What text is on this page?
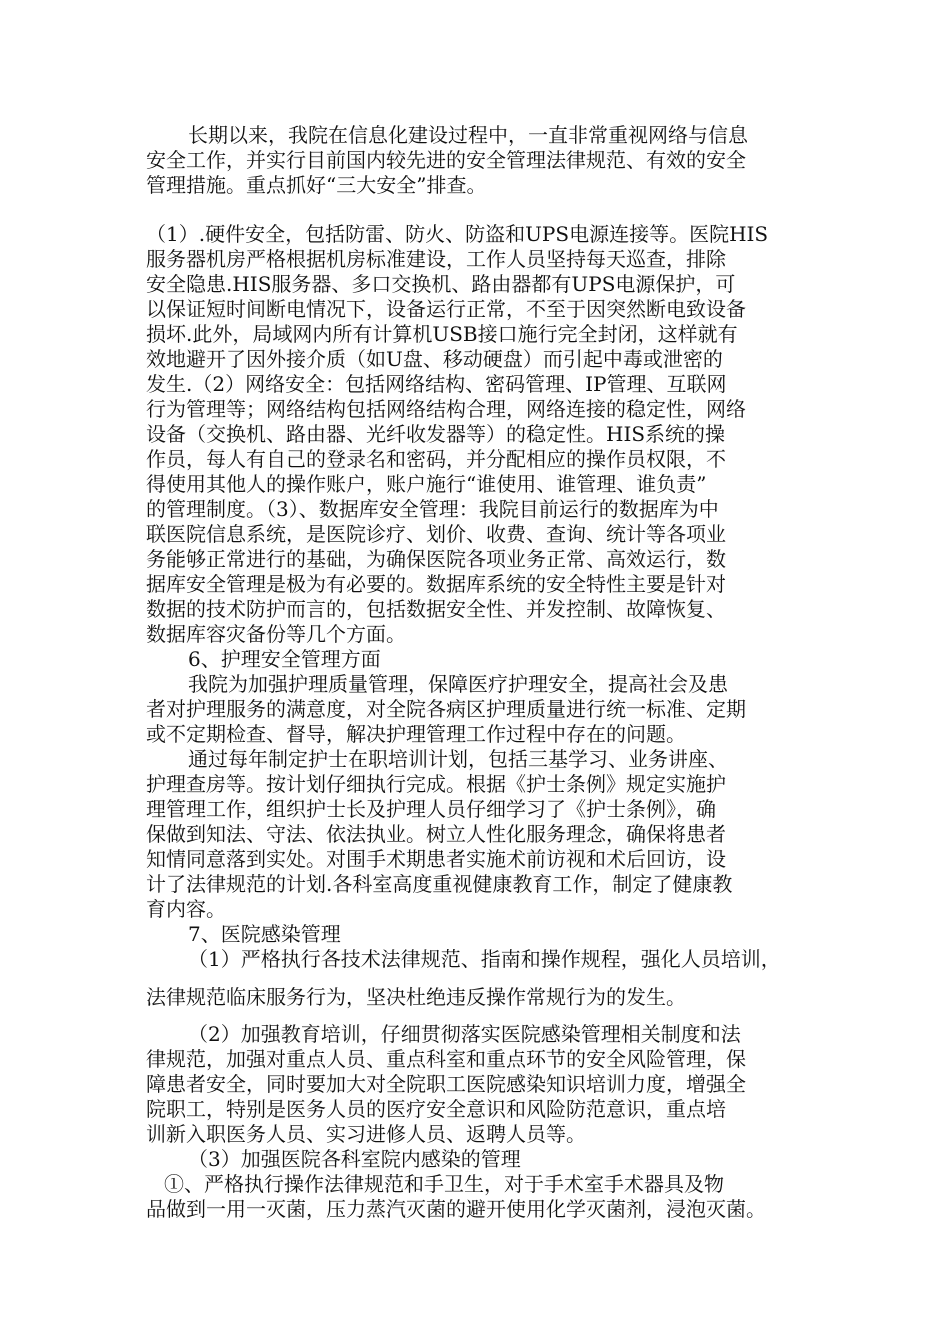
长期以来，我院在信息化建设过程中，一直非常重视网络与信息

安全工作，并实行目前国内较先进的安全管理法律规范、有效的安全

管理措施。重点抓好“三大安全”排查。

（1）.硬件安全，包括防雷、防火、防盗和UPS电源连接等。医院HIS

服务器机房严格根据机房标准建设，工作人员坚持每天巡查，排除

安全隐患.HIS服务器、多口交换机、路由器都有UPS电源保护，可

以保证短时间断电情况下，设备运行正常，不至于因突然断电致设备

损坏.此外，局域网内所有计算机USB接口施行完全封闭，这样就有

效地避开了因外接介质（如U盘、移动硬盘）而引起中毒或泄密的

发生.（2）网络安全：包括网络结构、密码管理、IP管理、互联网

行为管理等；网络结构包括网络结构合理，网络连接的稳定性，网络

设备（交换机、路由器、光纤收发器等）的稳定性。HIS系统的操

作员，每人有自己的登录名和密码，并分配相应的操作员权限，不

得使用其他人的操作账户，账户施行“谁使用、谁管理、谁负责”

的管理制度。（3）、数据库安全管理：我院目前运行的数据库为中

联医院信息系统，是医院诊疗、划价、收费、查询、统计等各项业

务能够正常进行的基础，为确保医院各项业务正常、高效运行，数

据库安全管理是极为有必要的。数据库系统的安全特性主要是针对

数据的技术防护而言的，包括数据安全性、并发控制、故障恢复、

数据库容灾备份等几个方面。

6、护理安全管理方面

我院为加强护理质量管理，保障医疗护理安全，提高社会及患

者对护理服务的满意度，对全院各病区护理质量进行统一标准、定期

或不定期检查、督导，解决护理管理工作过程中存在的问题。

通过每年制定护士在职培训计划，包括三基学习、业务讲座、

护理查房等。按计划仔细执行完成。根据《护士条例》规定实施护

理管理工作，组织护士长及护理人员仔细学习了《护士条例》，确

保做到知法、守法、依法执业。树立人性化服务理念，确保将患者

知情同意落到实处。对围手术期患者实施术前访视和术后回访，设

计了法律规范的计划.各科室高度重视健康教育工作，制定了健康教

育内容。

7、医院感染管理

（1）严格执行各技术法律规范、指南和操作规程，强化人员培训，

法律规范临床服务行为，坚决杜绝违反操作常规行为的发生。

（2）加强教育培训，仔细贯彻落实医院感染管理相关制度和法

律规范，加强对重点人员、重点科室和重点环节的安全风险管理，保

障患者安全，同时要加大对全院职工医院感染知识培训力度，增强全

院职工，特别是医务人员的医疗安全意识和风险防范意识，重点培

训新入职医务人员、实习进修人员、返聘人员等。

（3）加强医院各科室院内感染的管理

①、严格执行操作法律规范和手卫生，对于手术室手术器具及物

品做到一用一灭菌，压力蒸汽灭菌的避开使用化学灭菌剂，浸泡灭菌。
